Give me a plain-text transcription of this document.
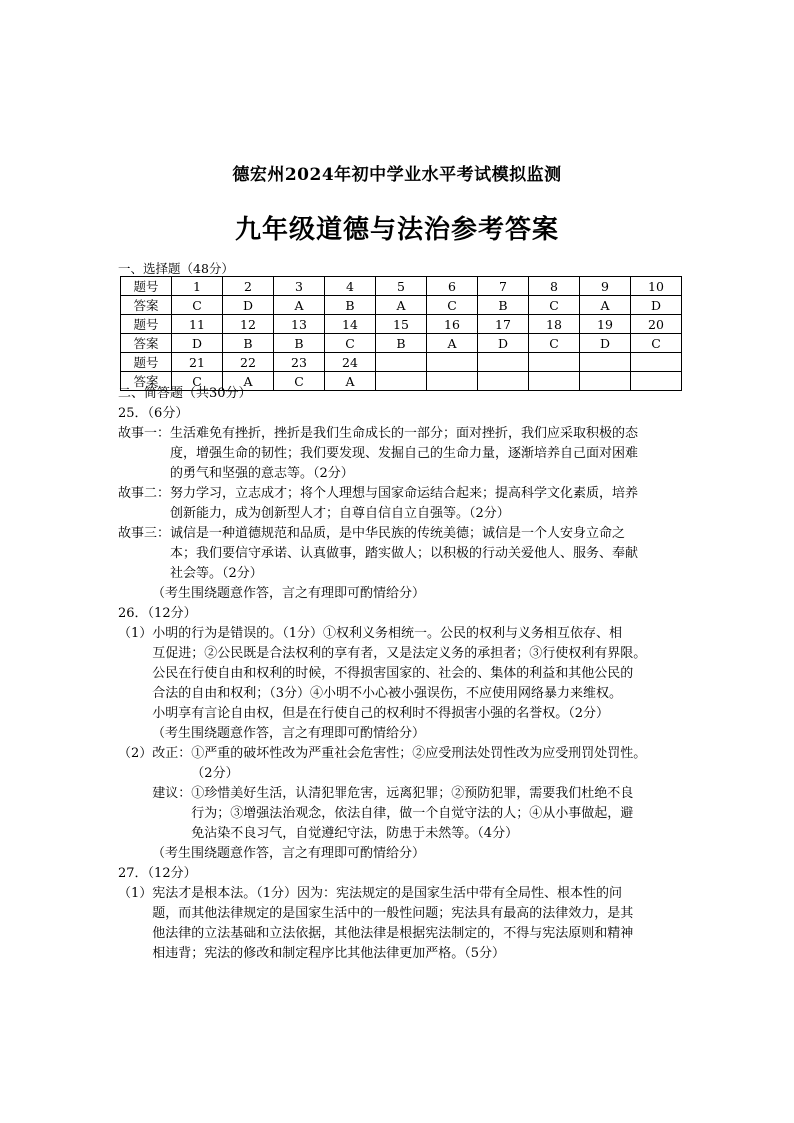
德宏州2024年初中学业水平考试模拟监测
九年级道德与法治参考答案
一、选择题（48分）
题号	1	2	3	4	5	6	7	8	9	10
答案	C	D	A	B	A	C	B	C	A	D
题号	11	12	13	14	15	16	17	18	19	20
答案	D	B	B	C	B	A	D	C	D	C
题号	21	22	23	24						
答案	C	A	C	A						
二、简答题（共30分）
25．（6分）
故事一： 生活难免有挫折，挫折是我们生命成长的一部分；面对挫折，我们应采取积极的态
度，增强生命的韧性；我们要发现、发掘自己的生命力量，逐渐培养自己面对困难
的勇气和坚强的意志等。（2分）
故事二： 努力学习，立志成才；将个人理想与国家命运结合起来；提高科学文化素质，培养
创新能力，成为创新型人才；自尊自信自立自强等。（2分）
故事三： 诚信是一种道德规范和品质，是中华民族的传统美德；诚信是一个人安身立命之
本；我们要信守承诺、认真做事，踏实做人；以积极的行动关爱他人、服务、奉献
社会等。（2分）
（考生围绕题意作答，言之有理即可酌情给分）
26．（12分）
（1） 小明的行为是错误的。（1分）①权利义务相统一。公民的权利与义务相互依存、相
互促进；②公民既是合法权利的享有者，又是法定义务的承担者；③行使权利有界限。
公民在行使自由和权利的时候，不得损害国家的、社会的、集体的利益和其他公民的
合法的自由和权利；（3分）④小明不小心被小强误伤，不应使用网络暴力来维权。
小明享有言论自由权，但是在行使自己的权利时不得损害小强的名誉权。（2分）
（考生围绕题意作答，言之有理即可酌情给分）
（2） 改正： ①严重的破坏性改为严重社会危害性；②应受刑法处罚性改为应受刑罚处罚性。
（2分）
建议： ①珍惜美好生活，认清犯罪危害，远离犯罪；②预防犯罪，需要我们杜绝不良
行为；③增强法治观念，依法自律，做一个自觉守法的人；④从小事做起，避
免沾染不良习气，自觉遵纪守法，防患于未然等。（4分）
（考生围绕题意作答，言之有理即可酌情给分）
27．（12分）
（1） 宪法才是根本法。（1分）因为：宪法规定的是国家生活中带有全局性、根本性的问
题，而其他法律规定的是国家生活中的一般性问题；宪法具有最高的法律效力，是其
他法律的立法基础和立法依据，其他法律是根据宪法制定的，不得与宪法原则和精神
相违背；宪法的修改和制定程序比其他法律更加严格。（5分）
